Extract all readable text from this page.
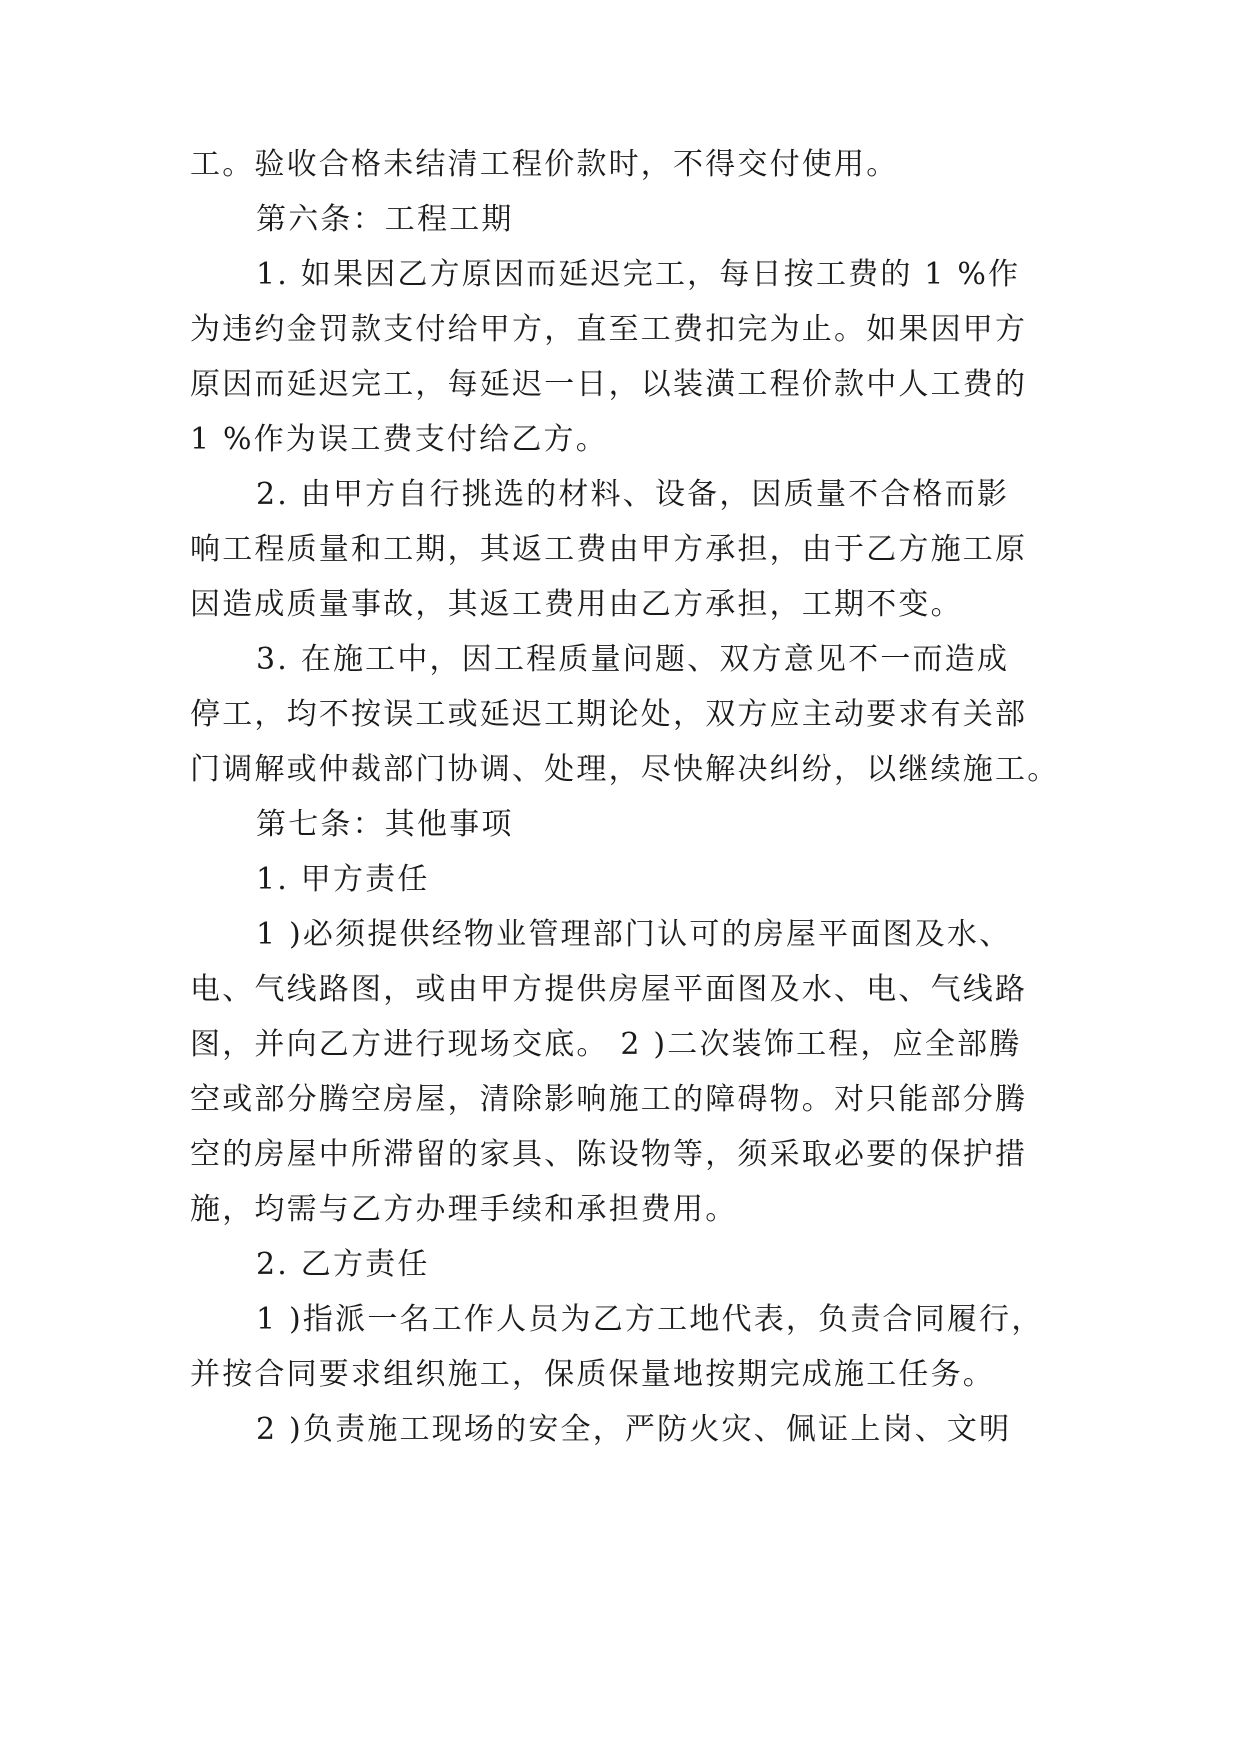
工。验收合格未结清工程价款时，不得交付使用。
第六条：工程工期
1. 如果因乙方原因而延迟完工，每日按工费的 1 %作
为违约金罚款支付给甲方，直至工费扣完为止。如果因甲方
原因而延迟完工，每延迟一日，以装潢工程价款中人工费的
1 %作为误工费支付给乙方。
2. 由甲方自行挑选的材料、设备，因质量不合格而影
响工程质量和工期，其返工费由甲方承担，由于乙方施工原
因造成质量事故，其返工费用由乙方承担，工期不变。
3. 在施工中，因工程质量问题、双方意见不一而造成
停工，均不按误工或延迟工期论处，双方应主动要求有关部
门调解或仲裁部门协调、处理，尽快解决纠纷，以继续施工。
第七条：其他事项
1. 甲方责任
1 )必须提供经物业管理部门认可的房屋平面图及水、
电、气线路图，或由甲方提供房屋平面图及水、电、气线路
图，并向乙方进行现场交底。 2 )二次装饰工程，应全部腾
空或部分腾空房屋，清除影响施工的障碍物。对只能部分腾
空的房屋中所滞留的家具、陈设物等，须采取必要的保护措
施，均需与乙方办理手续和承担费用。
2. 乙方责任
1 )指派一名工作人员为乙方工地代表，负责合同履行，
并按合同要求组织施工，保质保量地按期完成施工任务。
2 )负责施工现场的安全，严防火灾、佩证上岗、文明
